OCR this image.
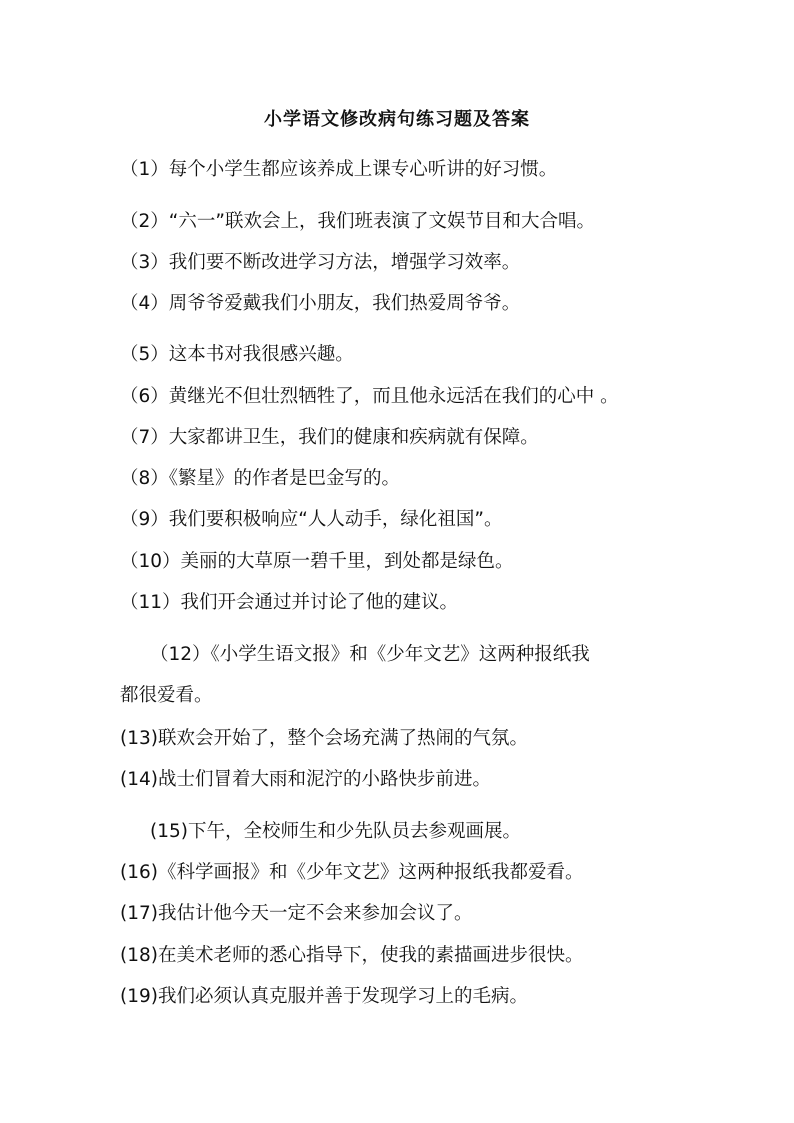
小学语文修改病句练习题及答案
（1）每个小学生都应该养成上课专心听讲的好习惯。
（2）“六一”联欢会上，我们班表演了文娱节目和大合唱。
（3）我们要不断改进学习方法，增强学习效率。
（4）周爷爷爱戴我们小朋友，我们热爱周爷爷。
（5）这本书对我很感兴趣。
（6）黄继光不但壮烈牺牲了，而且他永远活在我们的心中 。
（7）大家都讲卫生，我们的健康和疾病就有保障。
（8）《繁星》的作者是巴金写的。
（9）我们要积极响应“人人动手，绿化祖国”。
（10）美丽的大草原一碧千里，到处都是绿色。
（11）我们开会通过并讨论了他的建议。
（12）《小学生语文报》和《少年文艺》这两种报纸我
都很爱看。
(13)联欢会开始了，整个会场充满了热闹的气氛。
(14)战士们冒着大雨和泥泞的小路快步前进。
(15)下午，全校师生和少先队员去参观画展。
(16)《科学画报》和《少年文艺》这两种报纸我都爱看。
(17)我估计他今天一定不会来参加会议了。
(18)在美术老师的悉心指导下，使我的素描画进步很快。
(19)我们必须认真克服并善于发现学习上的毛病。
